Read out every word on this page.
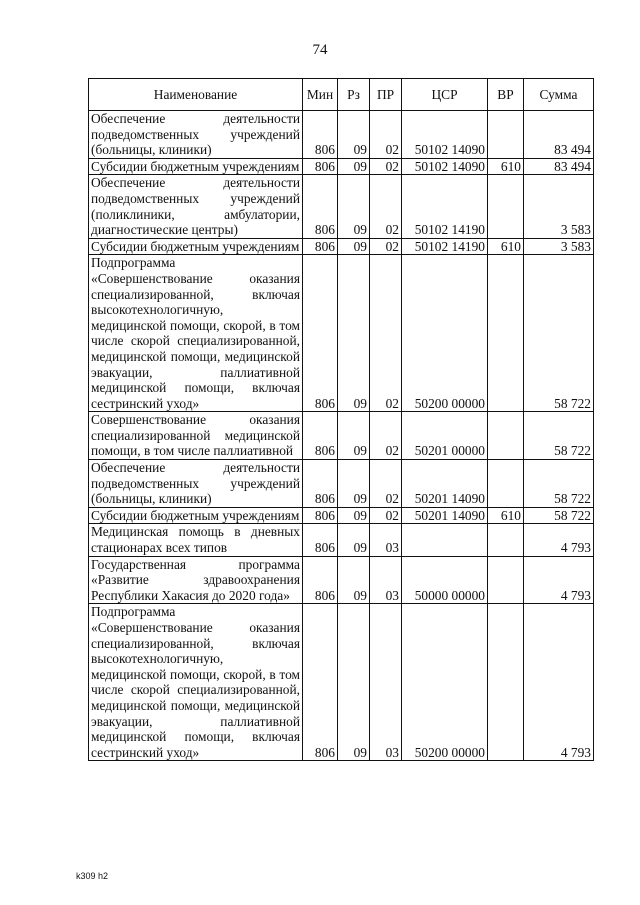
74
Наименование	Мин	Рз	ПР	ЦСР	ВР	Сумма
Обеспечение деятельности подведомственных учреждений (больницы, клиники)	806	09	02	50102 14090		83 494
Субсидии бюджетным учреждениям	806	09	02	50102 14090	610	83 494
Обеспечение деятельности подведомственных учреждений (поликлиники, амбулатории, диагностические центры)	806	09	02	50102 14190		3 583
Субсидии бюджетным учреждениям	806	09	02	50102 14190	610	3 583
Подпрограмма «Совершенствование оказания специализированной, включая высокотехнологичную, медицинской помощи, скорой, в том числе скорой специализированной, медицинской помощи, медицинской эвакуации, паллиативной медицинской помощи, включая сестринский уход»	806	09	02	50200 00000		58 722
Совершенствование оказания специализированной медицинской помощи, в том числе паллиативной	806	09	02	50201 00000		58 722
Обеспечение деятельности подведомственных учреждений (больницы, клиники)	806	09	02	50201 14090		58 722
Субсидии бюджетным учреждениям	806	09	02	50201 14090	610	58 722
Медицинская помощь в дневных стационарах всех типов	806	09	03			4 793
Государственная программа «Развитие здравоохранения Республики Хакасия до 2020 года»	806	09	03	50000 00000		4 793
Подпрограмма «Совершенствование оказания специализированной, включая высокотехнологичную, медицинской помощи, скорой, в том числе скорой специализированной, медицинской помощи, медицинской эвакуации, паллиативной медицинской помощи, включая сестринский уход»	806	09	03	50200 00000		4 793
k309 h2
